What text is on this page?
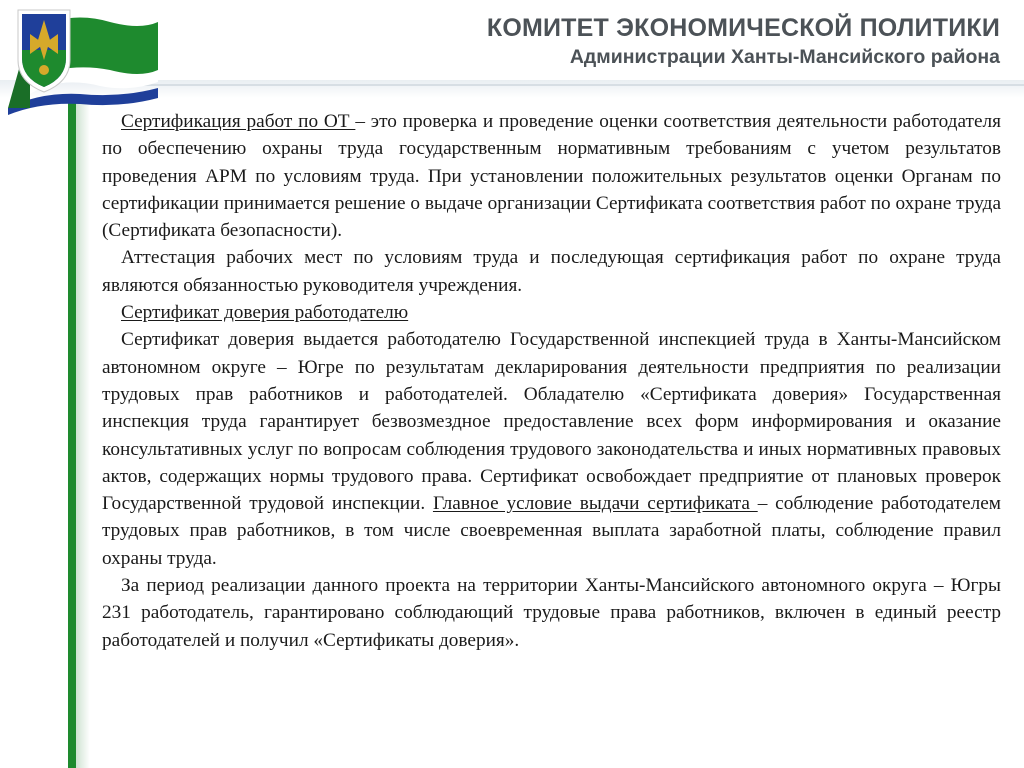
КОМИТЕТ ЭКОНОМИЧЕСКОЙ ПОЛИТИКИ
Администрации Ханты-Мансийского района

Сертификация работ по ОТ – это проверка и проведение оценки соответствия деятельности работодателя по обеспечению охраны труда государственным нормативным требованиям с учетом результатов проведения АРМ по условиям труда. При установлении положительных результатов оценки Органам по сертификации принимается решение о выдаче организации Сертификата соответствия работ по охране труда (Сертификата безопасности).

Аттестация рабочих мест по условиям труда и последующая сертификация работ по охране труда являются обязанностью руководителя учреждения.

Сертификат доверия работодателю

Сертификат доверия выдается работодателю Государственной инспекцией труда в Ханты-Мансийском автономном округе – Югре по результатам декларирования деятельности предприятия по реализации трудовых прав работников и работодателей. Обладателю «Сертификата доверия» Государственная инспекция труда гарантирует безвозмездное предоставление всех форм информирования и оказание консультативных услуг по вопросам соблюдения трудового законодательства и иных нормативных правовых актов, содержащих нормы трудового права. Сертификат освобождает предприятие от плановых проверок Государственной трудовой инспекции. Главное условие выдачи сертификата – соблюдение работодателем трудовых прав работников, в том числе своевременная выплата заработной платы, соблюдение правил охраны труда.

За период реализации данного проекта на территории Ханты-Мансийского автономного округа – Югры 231 работодатель, гарантировано соблюдающий трудовые права работников, включен в единый реестр работодателей и получил «Сертификаты доверия».
